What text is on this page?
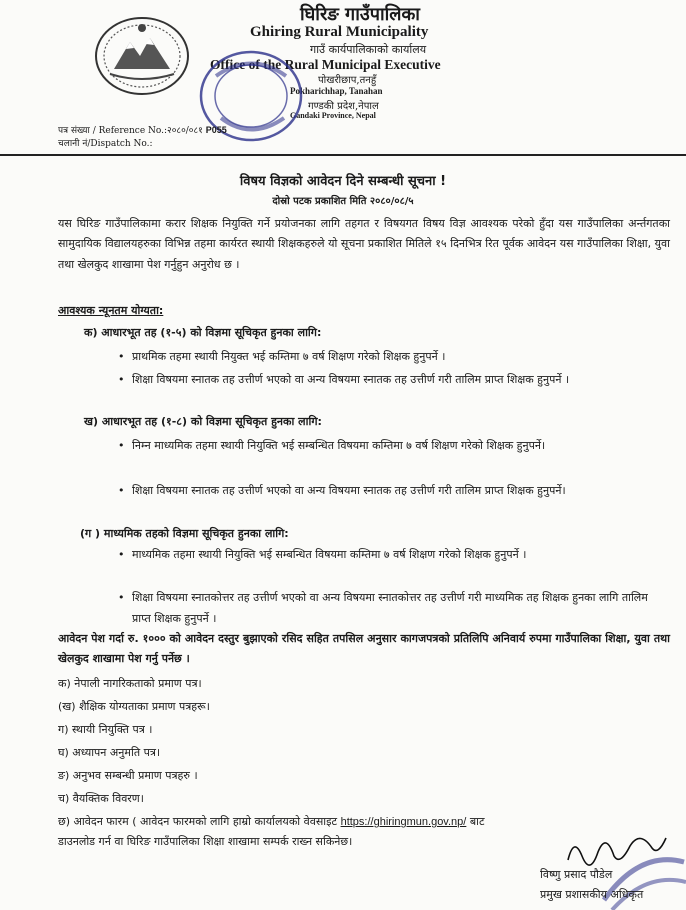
घिरिङ गाउँपालिका
Ghiring Rural Municipality
गाउँ कार्यपालिकाको कार्यालय
Office of the Rural Municipal Executive
पोखरीछाप,तनहुँ
Pokharichhap, Tanahan
गण्डकी प्रदेश,नेपाल
Gandaki Province, Nepal
पत्र संख्या / Reference No.:२०८०/०८१ P055
चलानी नं/Dispatch No.:
विषय विज्ञको आवेदन दिने सम्बन्धी सूचना !
दोस्रो पटक प्रकाशित मिति २०८०/०८/५
यस घिरिङ गाउँपालिकामा करार शिक्षक नियुक्ति गर्ने प्रयोजनका लागि तहगत र विषयगत विषय विज्ञ आवश्यक परेको हुँदा यस गाउँपालिका अर्न्तगतका सामुदायिक विद्यालयहरुका विभिन्न तहमा कार्यरत स्थायी शिक्षकहरुले यो सूचना प्रकाशित मितिले १५ दिनभित्र रित पूर्वक आवेदन यस गाउँपालिका शिक्षा, युवा तथा खेलकुद शाखामा पेश गर्नुहुन अनुरोध छ ।
आवश्यक न्यूनतम योग्यता:
क) आधारभूत तह (१-५) को विज्ञमा सूचिकृत हुनका लागि:
• प्राथमिक तहमा स्थायी नियुक्त भई कम्तिमा ७ वर्ष शिक्षण गरेको शिक्षक हुनुपर्ने ।
• शिक्षा विषयमा स्नातक तह उत्तीर्ण भएको वा अन्य विषयमा स्नातक तह उत्तीर्ण गरी तालिम प्राप्त शिक्षक हुनुपर्ने ।
ख) आधारभूत तह (१-८) को विज्ञमा सूचिकृत हुनका लागि:
• निम्न माध्यमिक तहमा स्थायी नियुक्ति भई सम्बन्धित विषयमा कम्तिमा ७ वर्ष शिक्षण गरेको शिक्षक हुनुपर्ने।
• शिक्षा विषयमा स्नातक तह उत्तीर्ण भएको वा अन्य विषयमा स्नातक तह उत्तीर्ण गरी तालिम प्राप्त शिक्षक हुनुपर्ने।
(ग ) माध्यमिक तहको विज्ञमा सूचिकृत हुनका लागि:
• माध्यमिक तहमा स्थायी नियुक्ति भई सम्बन्धित विषयमा कम्तिमा ७ वर्ष शिक्षण गरेको शिक्षक हुनुपर्ने ।
• शिक्षा विषयमा स्नातकोत्तर तह उत्तीर्ण भएको वा अन्य विषयमा स्नातकोत्तर तह उत्तीर्ण गरी माध्यमिक तह शिक्षक हुनका लागि तालिम प्राप्त शिक्षक हुनुपर्ने ।
आवेदन पेश गर्दा रु. १००० को आवेदन दस्तुर बुझाएको रसिद सहित तपसिल अनुसार कागजपत्रको प्रतिलिपि अनिवार्य रुपमा गाउँपालिका शिक्षा, युवा तथा खेलकुद शाखामा पेश गर्नु पर्नेछ ।
क) नेपाली नागरिकताको प्रमाण पत्र।
(ख) शैक्षिक योग्यताका प्रमाण पत्रहरू।
ग) स्थायी नियुक्ति पत्र ।
घ) अध्यापन अनुमति पत्र।
ङ) अनुभव सम्बन्धी प्रमाण पत्रहरु ।
च) वैयक्तिक विवरण।
छ) आवेदन फारम ( आवेदन फारमको लागि हाम्रो कार्यालयको वेवसाइट https://ghiringmun.gov.np/ बाट
डाउनलोड गर्न वा घिरिङ गाउँपालिका शिक्षा शाखामा सम्पर्क राख्न सकिनेछ।
विष्णु प्रसाद पौडेल
प्रमुख प्रशासकीय अधिकृत
